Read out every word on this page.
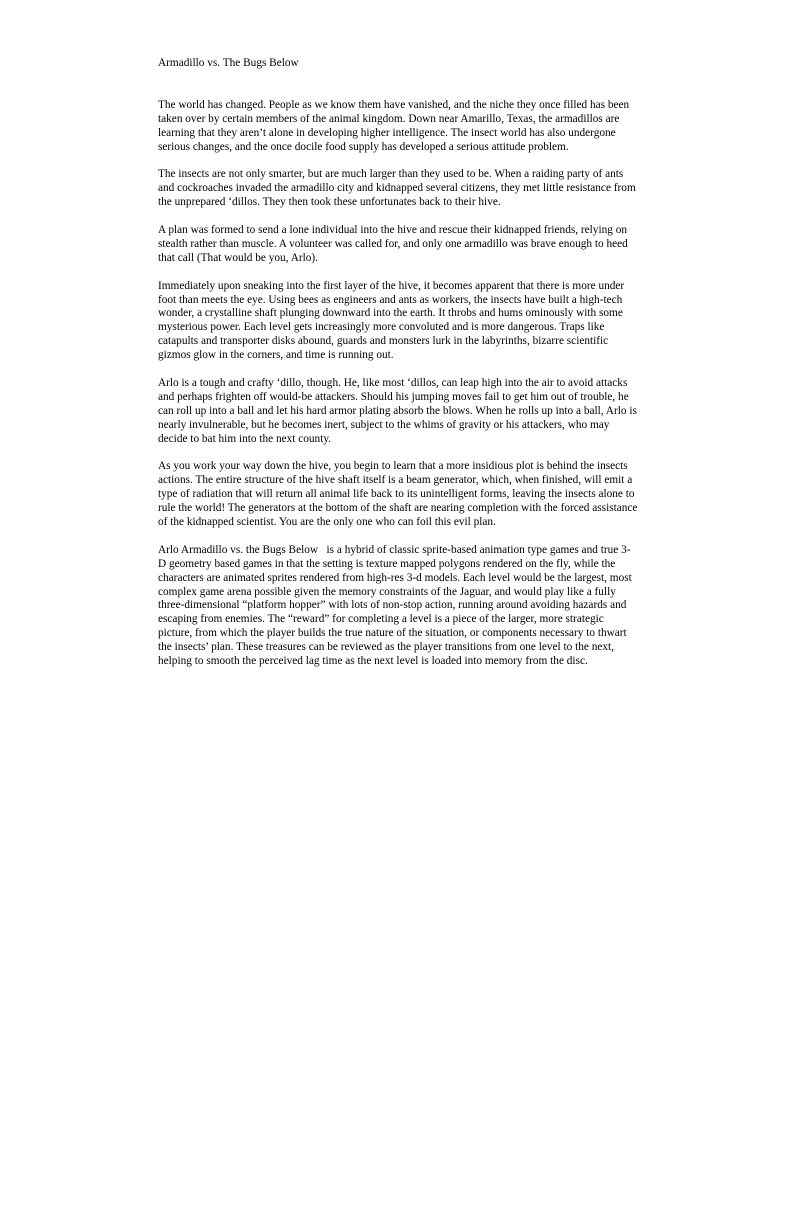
Armadillo vs. The Bugs Below

The world has changed. People as we know them have vanished, and the niche they once filled has been taken over by certain members of the animal kingdom. Down near Amarillo, Texas, the armadillos are learning that they aren’t alone in developing higher intelligence. The insect world has also undergone serious changes, and the once docile food supply has developed a serious attitude problem.

The insects are not only smarter, but are much larger than they used to be. When a raiding party of ants and cockroaches invaded the armadillo city and kidnapped several citizens, they met little resistance from the unprepared ‘dillos. They then took these unfortunates back to their hive.

A plan was formed to send a lone individual into the hive and rescue their kidnapped friends, relying on stealth rather than muscle. A volunteer was called for, and only one armadillo was brave enough to heed that call (That would be you, Arlo).

Immediately upon sneaking into the first layer of the hive, it becomes apparent that there is more under foot than meets the eye. Using bees as engineers and ants as workers, the insects have built a high-tech wonder, a crystalline shaft plunging downward into the earth. It throbs and hums ominously with some mysterious power. Each level gets increasingly more convoluted and is more dangerous. Traps like catapults and transporter disks abound, guards and monsters lurk in the labyrinths, bizarre scientific gizmos glow in the corners, and time is running out.

Arlo is a tough and crafty ‘dillo, though. He, like most ‘dillos, can leap high into the air to avoid attacks and perhaps frighten off would-be attackers. Should his jumping moves fail to get him out of trouble, he can roll up into a ball and let his hard armor plating absorb the blows. When he rolls up into a ball, Arlo is nearly invulnerable, but he becomes inert, subject to the whims of gravity or his attackers, who may decide to bat him into the next county.

As you work your way down the hive, you begin to learn that a more insidious plot is behind the insects actions. The entire structure of the hive shaft itself is a beam generator, which, when finished, will emit a type of radiation that will return all animal life back to its unintelligent forms, leaving the insects alone to rule the world! The generators at the bottom of the shaft are nearing completion with the forced assistance of the kidnapped scientist. You are the only one who can foil this evil plan.

Arlo Armadillo vs. the Bugs Below   is a hybrid of classic sprite-based animation type games and true 3-D geometry based games in that the setting is texture mapped polygons rendered on the fly, while the characters are animated sprites rendered from high-res 3-d models. Each level would be the largest, most complex game arena possible given the memory constraints of the Jaguar, and would play like a fully three-dimensional “platform hopper” with lots of non-stop action, running around avoiding hazards and escaping from enemies. The “reward” for completing a level is a piece of the larger, more strategic picture, from which the player builds the true nature of the situation, or components necessary to thwart the insects’ plan. These treasures can be reviewed as the player transitions from one level to the next, helping to smooth the perceived lag time as the next level is loaded into memory from the disc.
